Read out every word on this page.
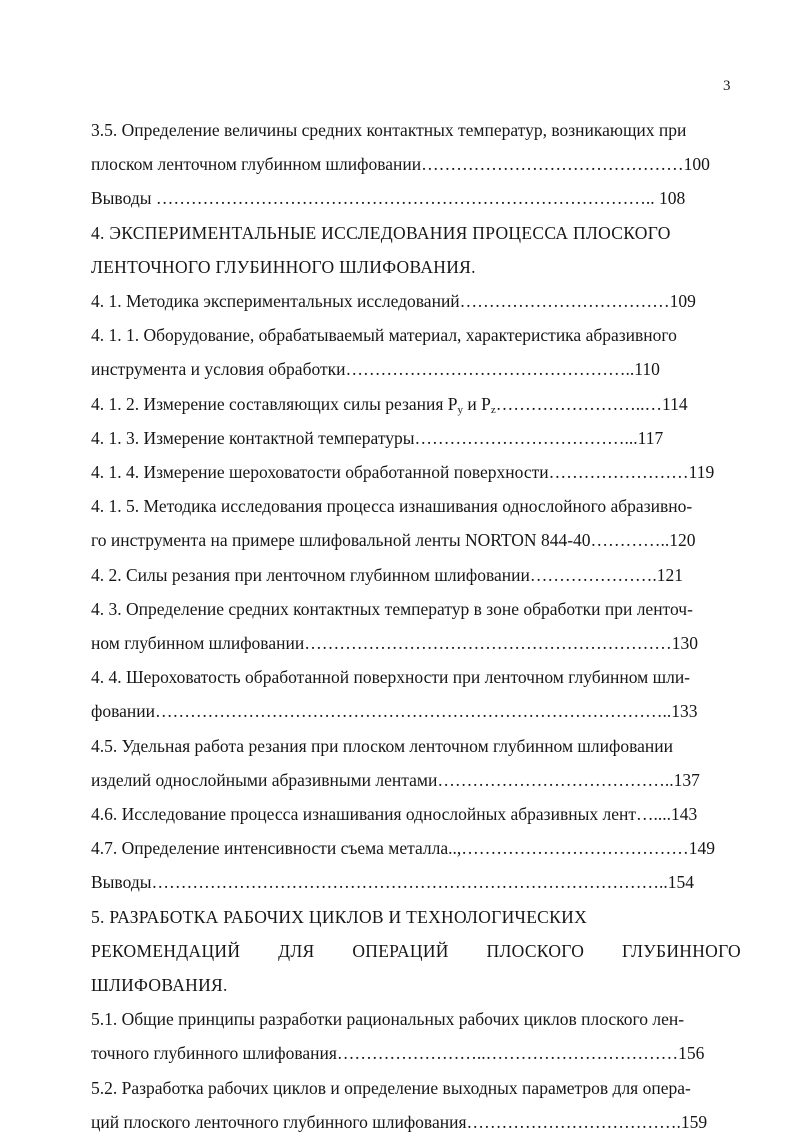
3
3.5. Определение величины средних контактных температур, возникающих при
плоском ленточном глубинном шлифовании………………………………………100
Выводы ………………………………………………………………………….. 108
4. ЭКСПЕРИМЕНТАЛЬНЫЕ ИССЛЕДОВАНИЯ ПРОЦЕССА ПЛОСКОГО
ЛЕНТОЧНОГО ГЛУБИННОГО ШЛИФОВАНИЯ.
4. 1. Методика экспериментальных исследований………………………………109
4. 1. 1. Оборудование, обрабатываемый материал, характеристика абразивного
инструмента и условия обработки…………………………………………..110
4. 1. 2. Измерение составляющих силы резания $P_y$ и $P_z\dots\dots\dots\dots\dots\dots\dots\dots..\dots 114$
4. 1. 3. Измерение контактной температуры………………………………...117
4. 1. 4. Измерение шероховатости обработанной поверхности……………………119
4. 1. 5. Методика исследования процесса изнашивания однослойного абразивно-
го инструмента на примере шлифовальной ленты NORTON 844-40…………..120
4. 2. Силы резания при ленточном глубинном шлифовании………………….121
4. 3. Определение средних контактных температур в зоне обработки при ленточ-
ном глубинном шлифовании………………………………………………………130
4. 4. Шероховатость обработанной поверхности при ленточном глубинном шли-
фовании……………………………………………………………………………..133
4.5. Удельная работа резания при плоском ленточном глубинном шлифовании
изделий однослойными абразивными лентами…………………………………..137
4.6. Исследование процесса изнашивания однослойных абразивных лент…....143
4.7. Определение интенсивности съема металла..,…………………………………149
Выводы……………………………………………………………………………..154
5. РАЗРАБОТКА РАБОЧИХ ЦИКЛОВ И ТЕХНОЛОГИЧЕСКИХ
РЕКОМЕНДАЦИЙ ДЛЯ ОПЕРАЦИЙ ПЛОСКОГО ГЛУБИННОГО
ШЛИФОВАНИЯ.
5.1. Общие принципы разработки рациональных рабочих циклов плоского лен-
точного глубинного шлифования……………………..……………………………156
5.2. Разработка рабочих циклов и определение выходных параметров для опера-
ций плоского ленточного глубинного шлифования……………………………….159
